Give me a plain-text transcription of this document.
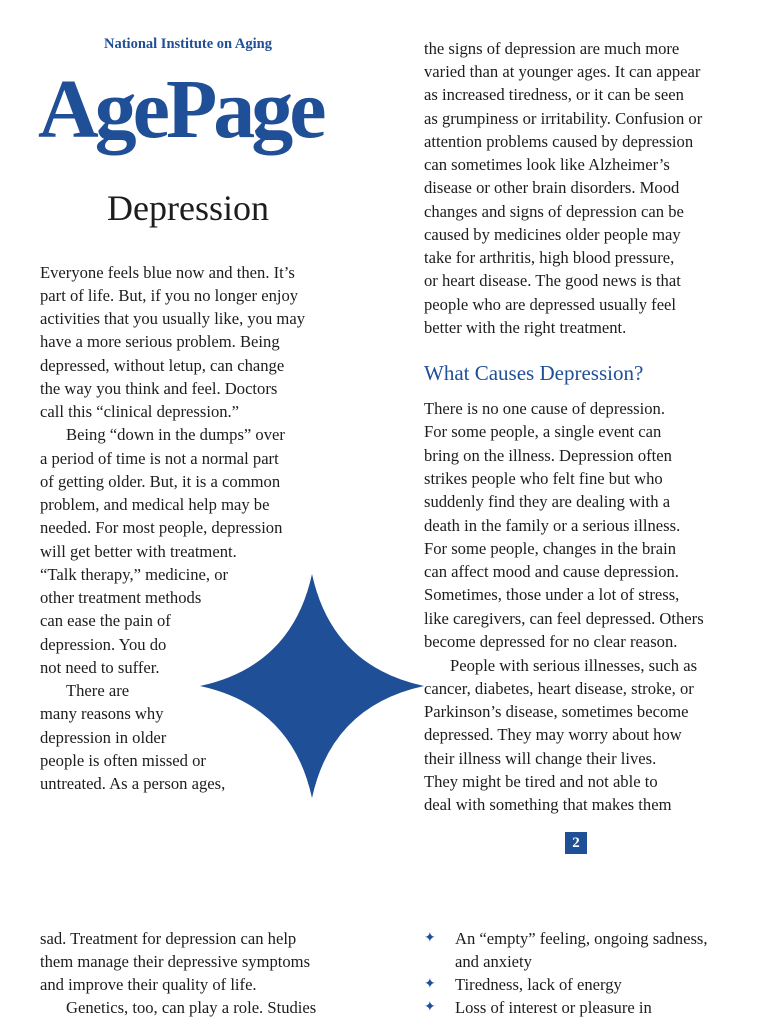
National Institute on Aging
AgePage
Depression
Everyone feels blue now and then. It’s
part of life. But, if you no longer enjoy
activities that you usually like, you may
have a more serious problem. Being
depressed, without letup, can change
the way you think and feel. Doctors
call this “clinical depression.”
Being “down in the dumps” over
a period of time is not a normal part
of getting older. But, it is a common
problem, and medical help may be
needed. For most people, depression
will get better with treatment.
“Talk therapy,” medicine, or
other treatment methods
can ease the pain of
depression. You do
not need to suffer.
There are
many reasons why
depression in older
people is often missed or
untreated. As a person ages,
the signs of depression are much more
varied than at younger ages. It can appear
as increased tiredness, or it can be seen
as grumpiness or irritability. Confusion or
attention problems caused by depression
can sometimes look like Alzheimer’s
disease or other brain disorders. Mood
changes and signs of depression can be
caused by medicines older people may
take for arthritis, high blood pressure,
or heart disease. The good news is that
people who are depressed usually feel
better with the right treatment.
What Causes Depression?
There is no one cause of depression.
For some people, a single event can
bring on the illness. Depression often
strikes people who felt fine but who
suddenly find they are dealing with a
death in the family or a serious illness.
For some people, changes in the brain
can affect mood and cause depression.
Sometimes, those under a lot of stress,
like caregivers, can feel depressed. Others
become depressed for no clear reason.
People with serious illnesses, such as
cancer, diabetes, heart disease, stroke, or
Parkinson’s disease, sometimes become
depressed. They may worry about how
their illness will change their lives.
They might be tired and not able to
deal with something that makes them
2
sad. Treatment for depression can help
them manage their depressive symptoms
and improve their quality of life.
Genetics, too, can play a role. Studies
✦ An “empty” feeling, ongoing sadness,
and anxiety
✦ Tiredness, lack of energy
✦ Loss of interest or pleasure in
